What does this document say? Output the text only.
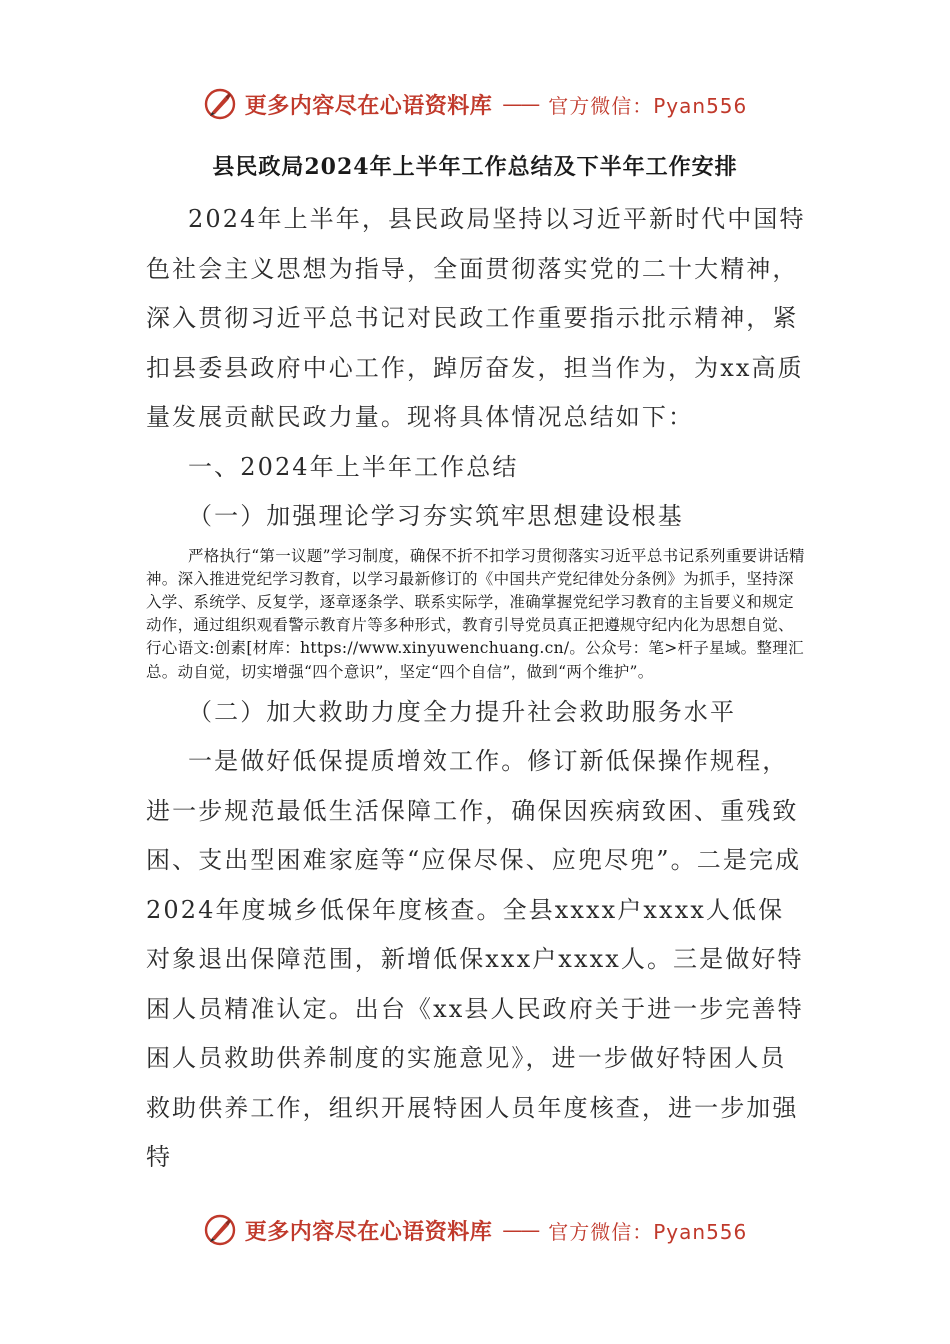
更多内容尽在心语资料库 —— 官方微信：Pyan556
县民政局2024年上半年工作总结及下半年工作安排

2024年上半年，县民政局坚持以习近平新时代中国特色社会主义思想为指导，全面贯彻落实党的二十大精神，深入贯彻习近平总书记对民政工作重要指示批示精神，紧扣县委县政府中心工作，踔厉奋发，担当作为，为xx高质量发展贡献民政力量。现将具体情况总结如下：

一、2024年上半年工作总结

（一）加强理论学习夯实筑牢思想建设根基

严格执行“第一议题”学习制度，确保不折不扣学习贯彻落实习近平总书记系列重要讲话精神。深入推进党纪学习教育，以学习最新修订的《中国共产党纪律处分条例》为抓手，坚持深入学、系统学、反复学，逐章逐条学、联系实际学，准确掌握党纪学习教育的主旨要义和规定动作，通过组织观看警示教育片等多种形式，教育引导党员真正把遵规守纪内化为思想自觉、行心语文:创素[材库：https://www.xinyuwenchuang.cn/。公众号：笔>杆子星域。整理汇总。动自觉，切实增强“四个意识”，坚定“四个自信”，做到“两个维护”。

（二）加大救助力度全力提升社会救助服务水平

一是做好低保提质增效工作。修订新低保操作规程，进一步规范最低生活保障工作，确保因疾病致困、重残致困、支出型困难家庭等“应保尽保、应兜尽兜”。二是完成2024年度城乡低保年度核查。全县xxxx户xxxx人低保对象退出保障范围，新增低保xxx户xxxx人。三是做好特困人员精准认定。出台《xx县人民政府关于进一步完善特困人员救助供养制度的实施意见》，进一步做好特困人员救助供养工作，组织开展特困人员年度核查，进一步加强特

更多内容尽在心语资料库 —— 官方微信：Pyan556
